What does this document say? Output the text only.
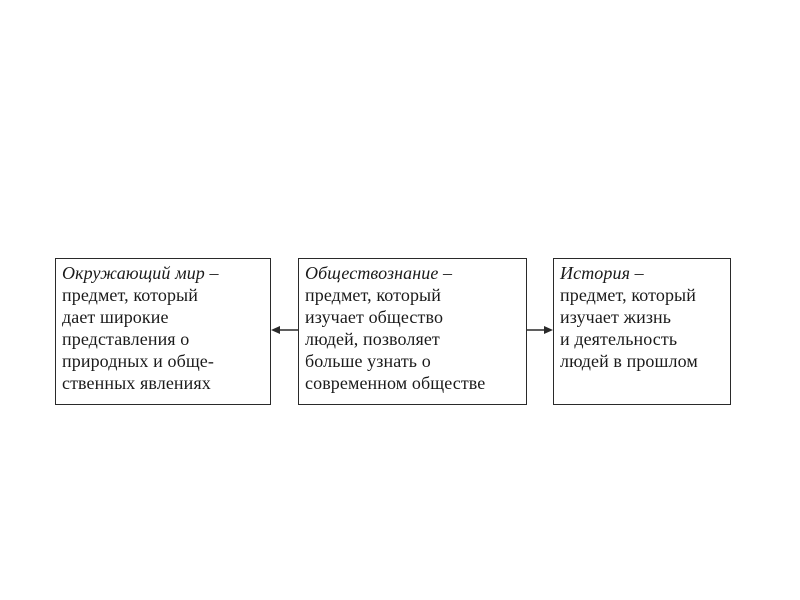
Окружающий мир –
предмет, который
дает широкие
представления о
природных и обще-
ственных явлениях
Обществознание –
предмет, который
изучает общество
людей, позволяет
больше узнать о
современном обществе
История –
предмет, который
изучает жизнь
и деятельность
людей в прошлом
